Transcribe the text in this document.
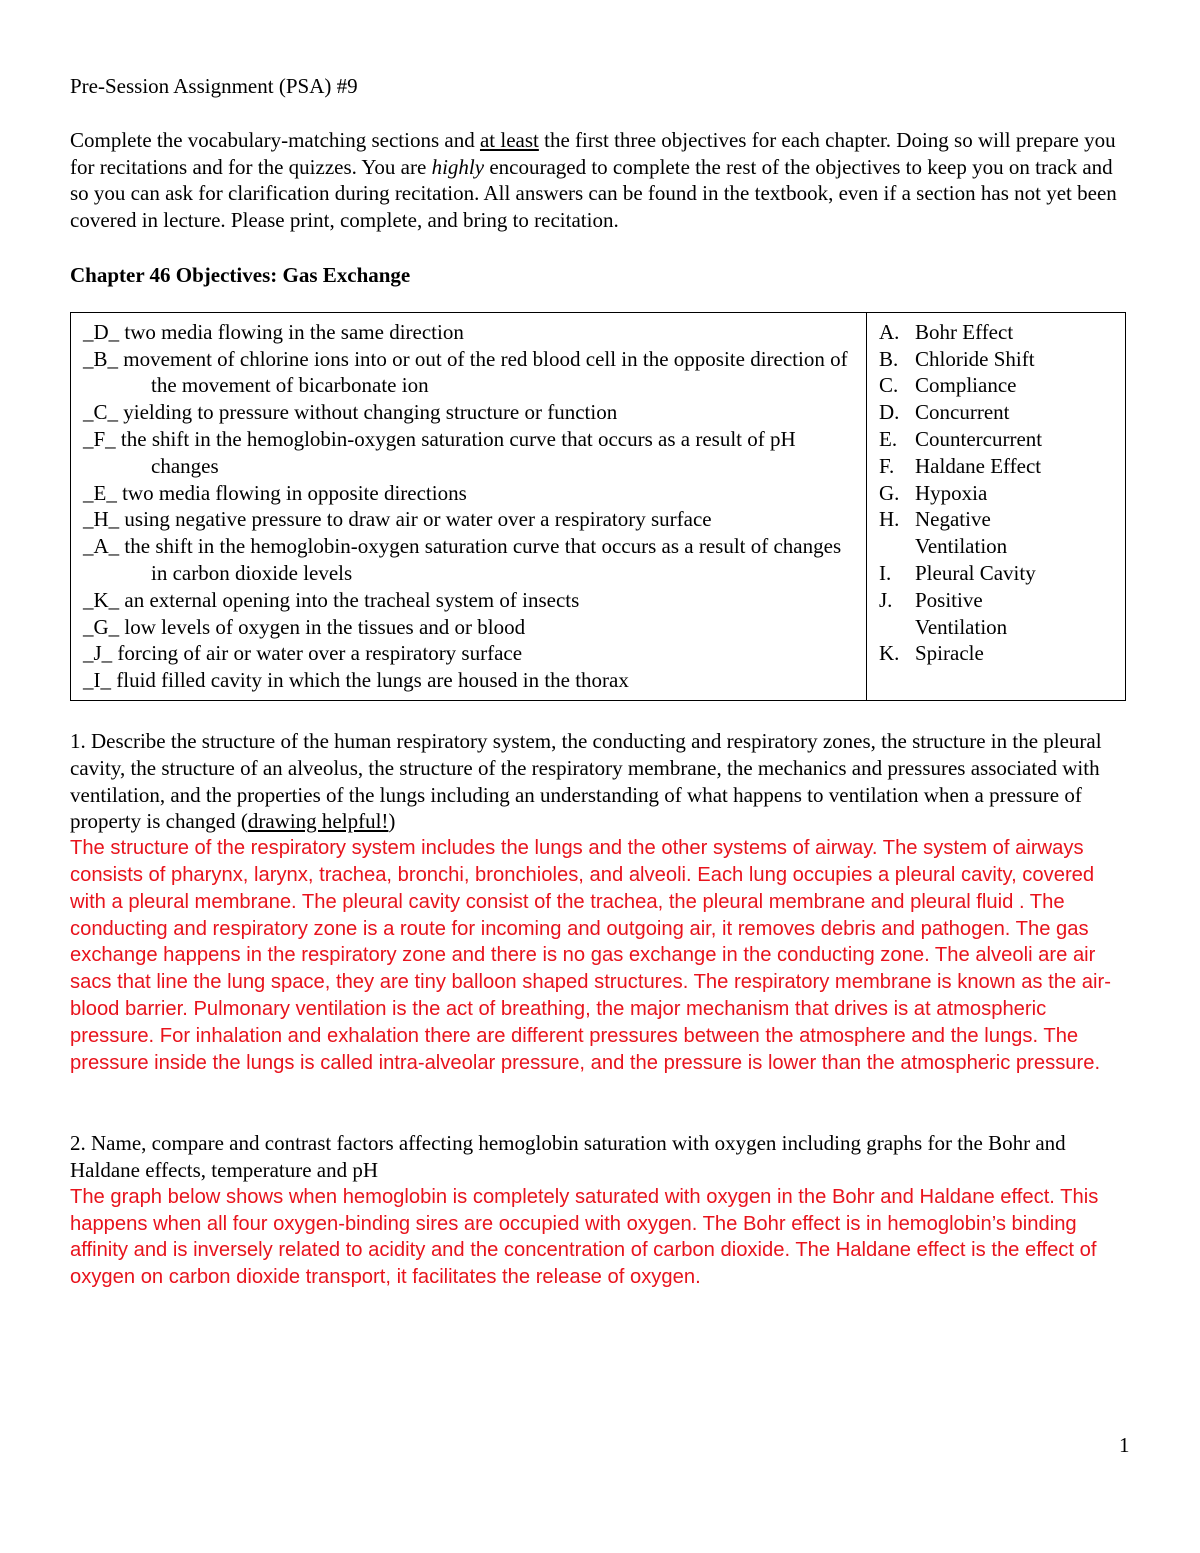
Pre-Session Assignment (PSA) #9

Complete the vocabulary-matching sections and at least the first three objectives for each chapter. Doing so will prepare you for recitations and for the quizzes. You are highly encouraged to complete the rest of the objectives to keep you on track and so you can ask for clarification during recitation. All answers can be found in the textbook, even if a section has not yet been covered in lecture. Please print, complete, and bring to recitation.

Chapter 46 Objectives: Gas Exchange

_D_ two media flowing in the same direction

_B_ movement of chlorine ions into or out of the red blood cell in the opposite direction of the movement of bicarbonate ion

_C_ yielding to pressure without changing structure or function

_F_ the shift in the hemoglobin-oxygen saturation curve that occurs as a result of pH changes

_E_ two media flowing in opposite directions

_H_ using negative pressure to draw air or water over a respiratory surface

_A_ the shift in the hemoglobin-oxygen saturation curve that occurs as a result of changes in carbon dioxide levels

_K_ an external opening into the tracheal system of insects

_G_ low levels of oxygen in the tissues and or blood

_J_ forcing of air or water over a respiratory surface

_I_ fluid filled cavity in which the lungs are housed in the thorax

A. Bohr Effect
B. Chloride Shift
C. Compliance
D. Concurrent
E. Countercurrent
F. Haldane Effect
G. Hypoxia
H. Negative Ventilation
I.	Pleural Cavity
J.	Positive Ventilation
K. Spiracle

1. Describe the structure of the human respiratory system, the conducting and respiratory zones, the structure in the pleural cavity, the structure of an alveolus, the structure of the respiratory membrane, the mechanics and pressures associated with ventilation, and the properties of the lungs including an understanding of what happens to ventilation when a pressure of property is changed (drawing helpful!)

The structure of the respiratory system includes the lungs and the other systems of airway. The system of airways consists of pharynx, larynx, trachea, bronchi, bronchioles, and alveoli. Each lung occupies a pleural cavity, covered with a pleural membrane. The pleural cavity consist of the trachea, the pleural membrane and pleural fluid . The conducting and respiratory zone is a route for incoming and outgoing air, it removes debris and pathogen. The gas exchange happens in the respiratory zone and there is no gas exchange in the conducting zone. The alveoli are air sacs that line the lung space, they are tiny balloon shaped structures. The respiratory membrane is known as the air-blood barrier. Pulmonary ventilation is the act of breathing, the major mechanism that drives is at atmospheric pressure. For inhalation and exhalation there are different pressures between the atmosphere and the lungs. The pressure inside the lungs is called intra-alveolar pressure, and the pressure is lower than the atmospheric pressure.

2. Name, compare and contrast factors affecting hemoglobin saturation with oxygen including graphs for the Bohr and Haldane effects, temperature and pH

The graph below shows when hemoglobin is completely saturated with oxygen in the Bohr and Haldane effect. This happens when all four oxygen-binding sires are occupied with oxygen. The Bohr effect is in hemoglobin’s binding affinity and is inversely related to acidity and the concentration of carbon dioxide. The Haldane effect is the effect of oxygen on carbon dioxide transport, it facilitates the release of oxygen.

1
